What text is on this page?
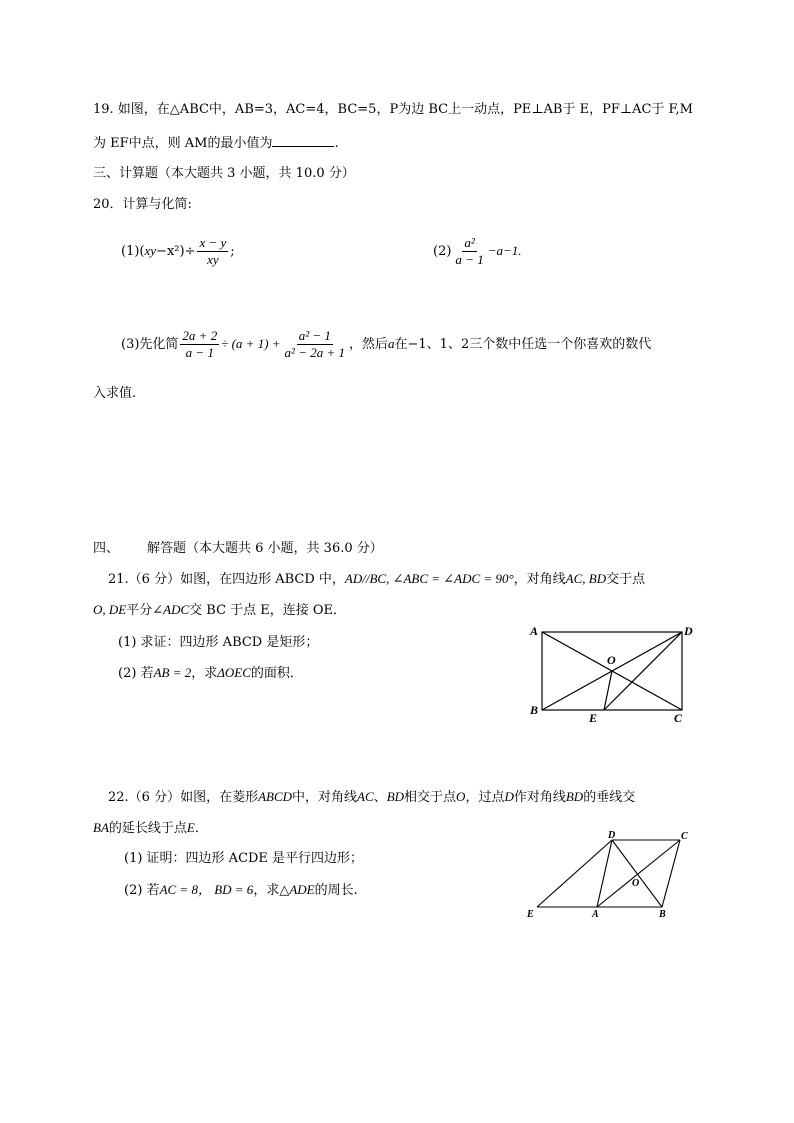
19. 如图，在△ABC中，AB=3，AC=4，BC=5，P为边 BC上一动点，PE⊥AB于 E，PF⊥AC于 F,M
为 EF中点，则 AM的最小值为	.
三、计算题（本大题共 3 小题，共 10.0 分）
20．计算与化简:
$(1)(xy-x^2)\div \frac{x - y}{xy}$ ;	$(2) \frac{\text{a²}}{a - 1} -a-1$.
(3)先化简 $\frac{2a + 2}{a - 1} \div (a + 1) + \frac{\text{a² − 1}}{\text{a² − 2a + 1}}$ ，然后a在−1、1、2三个数中任选一个你喜欢的数代
入求值.
四、 解答题（本大题共 6 小题，共 36.0 分）
21.（6 分）如图，在四边形 ABCD 中，AD//BC, ∠ABC = ∠ADC = 90°，对角线AC, BD交于点
O, DE平分∠ADC交 BC 于点 E，连接 OE．
(1) 求证：四边形 ABCD 是矩形；
(2) 若AB = 2，求ΔOEC的面积．
A	D
B
C
O
E
22.（6 分）如图，在菱形ABCD中，对角线AC、BD相交于点O，过点D作对角线BD的垂线交
BA的延长线于点E．
(1) 证明：四边形 ACDE 是平行四边形；
(2) 若AC = 8， BD = 6，求△ADE的周长.
D	C
O
E	A	B
